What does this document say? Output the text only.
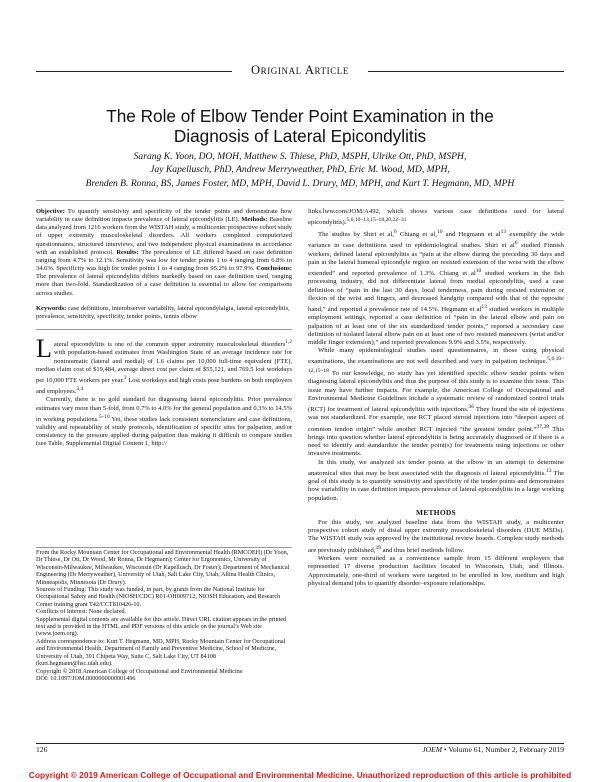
Original Article
The Role of Elbow Tender Point Examination in the
Diagnosis of Lateral Epicondylitis
Sarang K. Yoon, DO, MOH, Matthew S. Thiese, PhD, MSPH, Ulrike Ott, PhD, MSPH,
Jay Kapellusch, PhD, Andrew Merryweather, PhD, Eric M. Wood, MD, MPH,
Brenden B. Ronna, BS, James Foster, MD, MPH, David L. Drury, MD, MPH, and Kurt T. Hegmann, MD, MPH

Objective: To quantify sensitivity and specificity of the tender points and demonstrate how variability in case definition impacts prevalence of lateral epicondylitis (LE). Methods: Baseline data analyzed from 1216 workers from the WISTAH study, a multicenter prospective cohort study of upper extremity musculoskeletal disorders. All workers completed computerized questionnaires, structured interviews, and two independent physical examinations in accordance with an established protocol. Results: The prevalence of LE differed based on case definition ranging from 4.7% to 12.1%. Sensitivity was low for tender points 1 to 4 ranging from 6.8% to 34.6%. Specificity was high for tender points 1 to 4 ranging from 95.2% to 97.9%. Conclusions: The prevalence of lateral epicondylitis differs markedly based on case definition used, ranging more than two-fold. Standardization of a case definition is essential to allow for comparisons across studies.

Keywords: case definitions, interobserver variability, lateral epicondylalgia, lateral epicondylitis, prevalence, sensitivity, specificity, tender points, tennis elbow

Lateral epicondylitis is one of the common upper extremity musculoskeletal disorders$^{1,2}$ with population-based estimates from Washington State of an average incidence rate for nontraumatic (lateral and medial) of 1.6 claims per 10,000 full-time equivalent (FTE), median claim cost of $19,484, average direct cost per claim of $55,121, and 769.5 lost workdays per 10,000 FTE workers per year.$^3$ Lost workdays and high costs pose burdens on both employers and employees.$^{3,4}$

Currently, there is no gold standard for diagnosing lateral epicondylitis. Prior prevalence estimates vary more than 5-fold, from 0.7% to 4.0% for the general population and 0.3% to 14.5% in working populations.$^{5-10}$ Yet, these studies lack consistent nomenclature and case definitions, validity and repeatability of study protocols, identification of specific sites for palpation, and/or consistency in the pressure applied during palpation thus making it difficult to compare studies (see Table, Supplemental Digital Content 1, http://

From the Rocky Mountain Center for Occupational and Environmental Health (RMCOEH) (Dr Yoon, Dr Thiese, Dr Ott, Dr Wood, Mr Ronna, Dr Hegmann); Center for Ergonomics, University of Wisconsin-Milwaukee, Milwaukee, Wisconsin (Dr Kapellusch, Dr Foster); Department of Mechanical Engineering (Dr Merryweather), University of Utah, Salt Lake City, Utah; Allina Health Clinics, Minneapolis, Minnesota (Dr Drury).
Sources of Funding: This study was funded, in part, by grants from the National Institute for Occupational Safety and Health (NIOSH/CDC) R01-OH009712, NIOSH Education, and Research Center training grant T42/CCT810426-10.
Conflicts of Interest: None declared.
Supplemental digital contents are available for this article. Direct URL citation appears in the printed text and is provided in the HTML and PDF versions of this article on the journal’s Web site (www.joem.org).
Address correspondence to: Kurt T. Hegmann, MD, MPH, Rocky Mountain Center for Occupational and Environmental Health, Department of Family and Preventive Medicine, School of Medicine, University of Utah, 391 Chipeta Way, Suite C, Salt Lake City, UT 84108 (kurt.hegmann@hsc.utah.edu).
Copyright © 2018 American College of Occupational and Environmental Medicine
DOI: 10.1097/JOM.0000000000001496

links.lww.com/JOM/A492, which shows various case definitions used for lateral epicondylitis).$^{5,6,10-13,15-18,20,22-31}$

The studies by Shiri et al,$^6$ Chiang et al,$^{10}$ and Hegmann et $al^{13}$ exemplify the wide variance in case definitions used in epidemiological studies. Shiri et $al^6$ studied Finnish workers, defined lateral epicondylitis as “pain at the elbow during the preceding 30 days and pain at the lateral humeral epicondyle region on resisted extension of the wrist with the elbow extended” and reported prevalence of 1.3%. Chiang et $al^{10}$ studied workers in the fish processing industry, did not differentiate lateral from medial epicondylitis, used a case definition of “pain in the last 30 days, local tenderness, pain during resisted extension or flexion of the wrist and fingers, and decreased handgrip compared with that of the opposite hand,” and reported a prevalence rate of 14.5%. Hegmann et $al^{13}$ studied workers in multiple employment settings, reported a case definition of “pain in the lateral elbow and pain on palpation of at least one of the six standardized tender points,” reported a secondary case definition of isolated lateral elbow pain on at least one of two resisted maneuvers (wrist and/or middle finger extension),” and reported prevalences 9.9% and 3.5%, respectively.

While many epidemiological studies used questionnaires, in those using physical examinations, the examinations are not well described and vary in palpation technique.$^{5,6,10-12,15-18}$ To our knowledge, no study has yet identified specific elbow tender points when diagnosing lateral epicondylitis and thus the purpose of this study is to examine this issue. This issue may have further impacts. For example, the American College of Occupational and Environmental Medicine Guidelines include a systematic review of randomized control trials (RCT) for treatment of lateral epicondylitis with injections.$^{36}$ They found the site of injections was not standardized. For example, one RCT placed steroid injections into “deepest aspect of common tendon origin” while another RCT injected “the greatest tender point.”$^{37,38}$ This brings into question whether lateral epicondylitis is being accurately diagnosed or if there is a need to identify and standardize the tender point(s) for treatments using injections or other invasive treatments.

In this study, we analyzed six tender points at the elbow in an attempt to determine anatomical sites that may be best associated with the diagnosis of lateral epicondylitis.$^{13}$ The goal of this study is to quantify sensitivity and specificity of the tender points and demonstrates how variability in case definition impacts prevalence of lateral epicondylitis in a large working population.

METHODS

For this study, we analyzed baseline data from the WISTAH study, a multicenter prospective cohort study of distal upper extremity musculoskeletal disorders (DUE MSDs). The WISTAH study was approved by the institutional review boards. Complete study methods are previously published,$^{39}$ and thus brief methods follow.

Workers were recruited as a convenience sample from 15 different employers that represented 17 diverse production facilities located in Wisconsin, Utah, and Illinois. Approximately, one-third of workers were targeted to be enrolled in low, medium and high physical demand jobs to quantify disorder–exposure relationships.

126	JOEM • Volume 61, Number 2, February 2019
Copyright © 2019 American College of Occupational and Environmental Medicine. Unauthorized reproduction of this article is prohibited
